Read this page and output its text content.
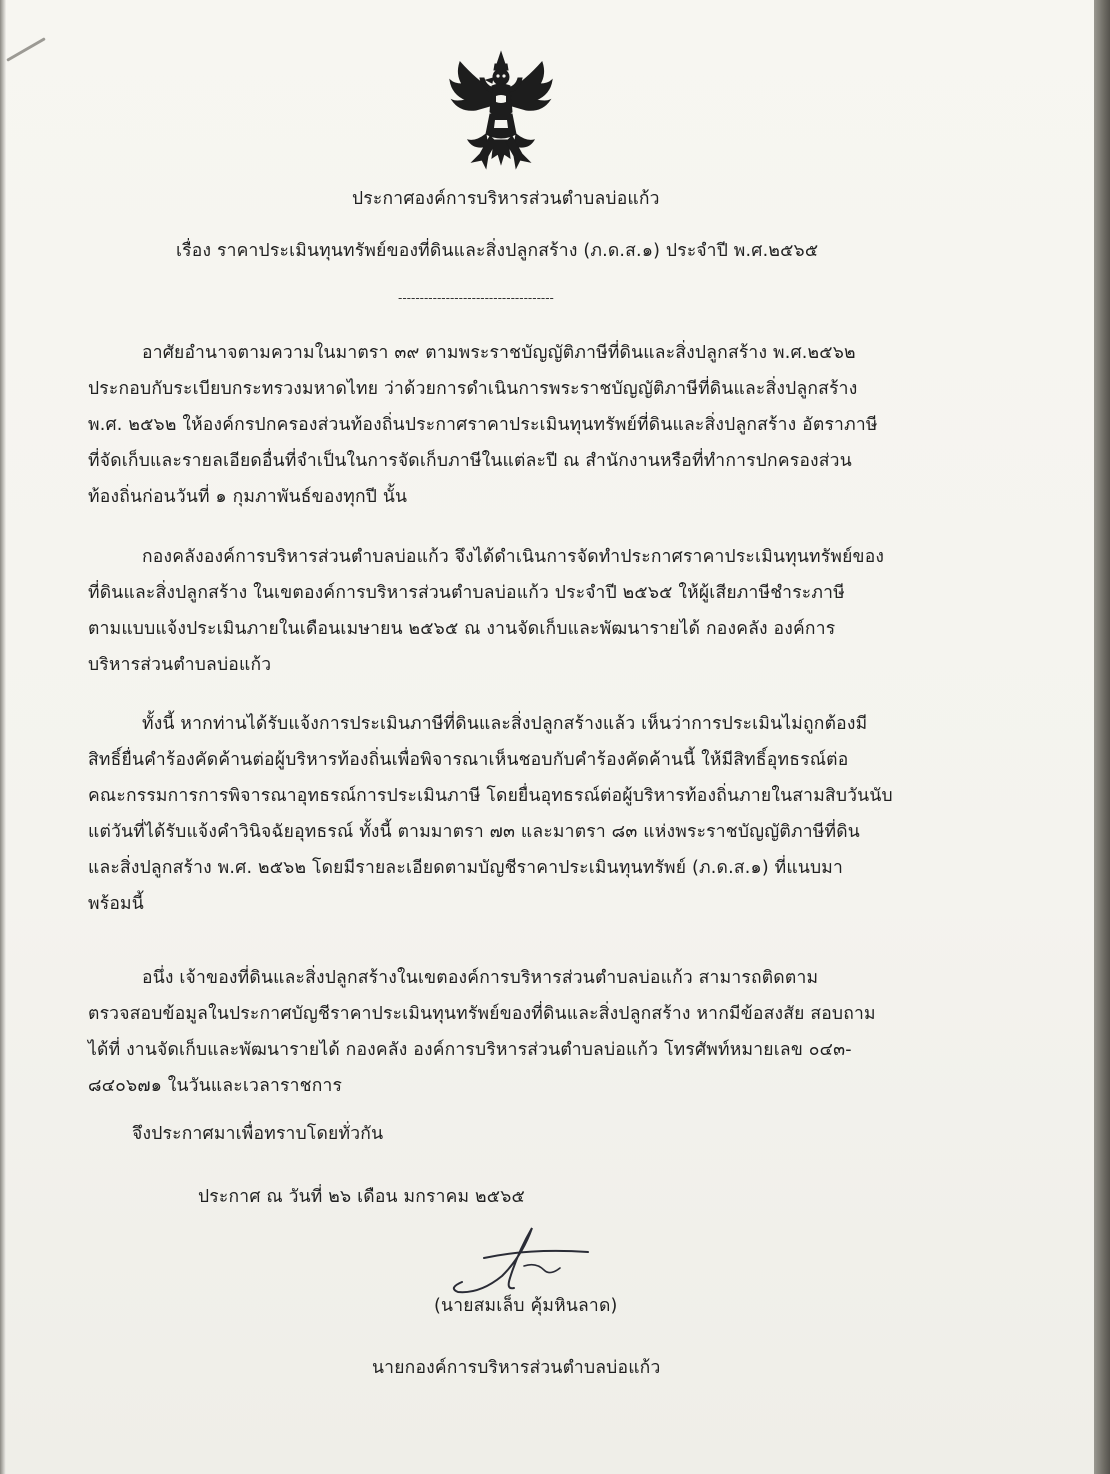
ประกาศองค์การบริหารส่วนตำบลบ่อแก้ว
เรื่อง ราคาประเมินทุนทรัพย์ของที่ดินและสิ่งปลูกสร้าง (ภ.ด.ส.๑) ประจำปี พ.ศ.๒๕๖๕
------------------------------------
อาศัยอำนาจตามความในมาตรา ๓๙ ตามพระราชบัญญัติภาษีที่ดินและสิ่งปลูกสร้าง พ.ศ.๒๕๖๒
ประกอบกับระเบียบกระทรวงมหาดไทย ว่าด้วยการดำเนินการพระราชบัญญัติภาษีที่ดินและสิ่งปลูกสร้าง
พ.ศ. ๒๕๖๒ ให้องค์กรปกครองส่วนท้องถิ่นประกาศราคาประเมินทุนทรัพย์ที่ดินและสิ่งปลูกสร้าง อัตราภาษี
ที่จัดเก็บและรายลเอียดอื่นที่จำเป็นในการจัดเก็บภาษีในแต่ละปี ณ สำนักงานหรือที่ทำการปกครองส่วน
ท้องถิ่นก่อนวันที่ ๑ กุมภาพันธ์ของทุกปี นั้น
กองคลังองค์การบริหารส่วนตำบลบ่อแก้ว จึงได้ดำเนินการจัดทำประกาศราคาประเมินทุนทรัพย์ของ
ที่ดินและสิ่งปลูกสร้าง ในเขตองค์การบริหารส่วนตำบลบ่อแก้ว ประจำปี ๒๕๖๕ ให้ผู้เสียภาษีชำระภาษี
ตามแบบแจ้งประเมินภายในเดือนเมษายน ๒๕๖๕ ณ งานจัดเก็บและพัฒนารายได้ กองคลัง องค์การ
บริหารส่วนตำบลบ่อแก้ว
ทั้งนี้ หากท่านได้รับแจ้งการประเมินภาษีที่ดินและสิ่งปลูกสร้างแล้ว เห็นว่าการประเมินไม่ถูกต้องมี
สิทธิ์ยื่นคำร้องคัดค้านต่อผู้บริหารท้องถิ่นเพื่อพิจารณาเห็นชอบกับคำร้องคัดค้านนี้ ให้มีสิทธิ์อุทธรณ์ต่อ
คณะกรรมการการพิจารณาอุทธรณ์การประเมินภาษี โดยยื่นอุทธรณ์ต่อผู้บริหารท้องถิ่นภายในสามสิบวันนับ
แต่วันที่ได้รับแจ้งคำวินิจฉัยอุทธรณ์ ทั้งนี้ ตามมาตรา ๗๓ และมาตรา ๘๓ แห่งพระราชบัญญัติภาษีที่ดิน
และสิ่งปลูกสร้าง พ.ศ. ๒๕๖๒ โดยมีรายละเอียดตามบัญชีราคาประเมินทุนทรัพย์ (ภ.ด.ส.๑) ที่แนบมา
พร้อมนี้
อนึ่ง เจ้าของที่ดินและสิ่งปลูกสร้างในเขตองค์การบริหารส่วนตำบลบ่อแก้ว สามารถติดตาม
ตรวจสอบข้อมูลในประกาศบัญชีราคาประเมินทุนทรัพย์ของที่ดินและสิ่งปลูกสร้าง หากมีข้อสงสัย สอบถาม
ได้ที่ งานจัดเก็บและพัฒนารายได้ กองคลัง องค์การบริหารส่วนตำบลบ่อแก้ว โทรศัพท์หมายเลข ๐๔๓-
๘๔๐๖๗๑ ในวันและเวลาราชการ
จึงประกาศมาเพื่อทราบโดยทั่วกัน
ประกาศ ณ วันที่ ๒๖ เดือน มกราคม ๒๕๖๕
(นายสมเล็บ คุ้มหินลาด)
นายกองค์การบริหารส่วนตำบลบ่อแก้ว
